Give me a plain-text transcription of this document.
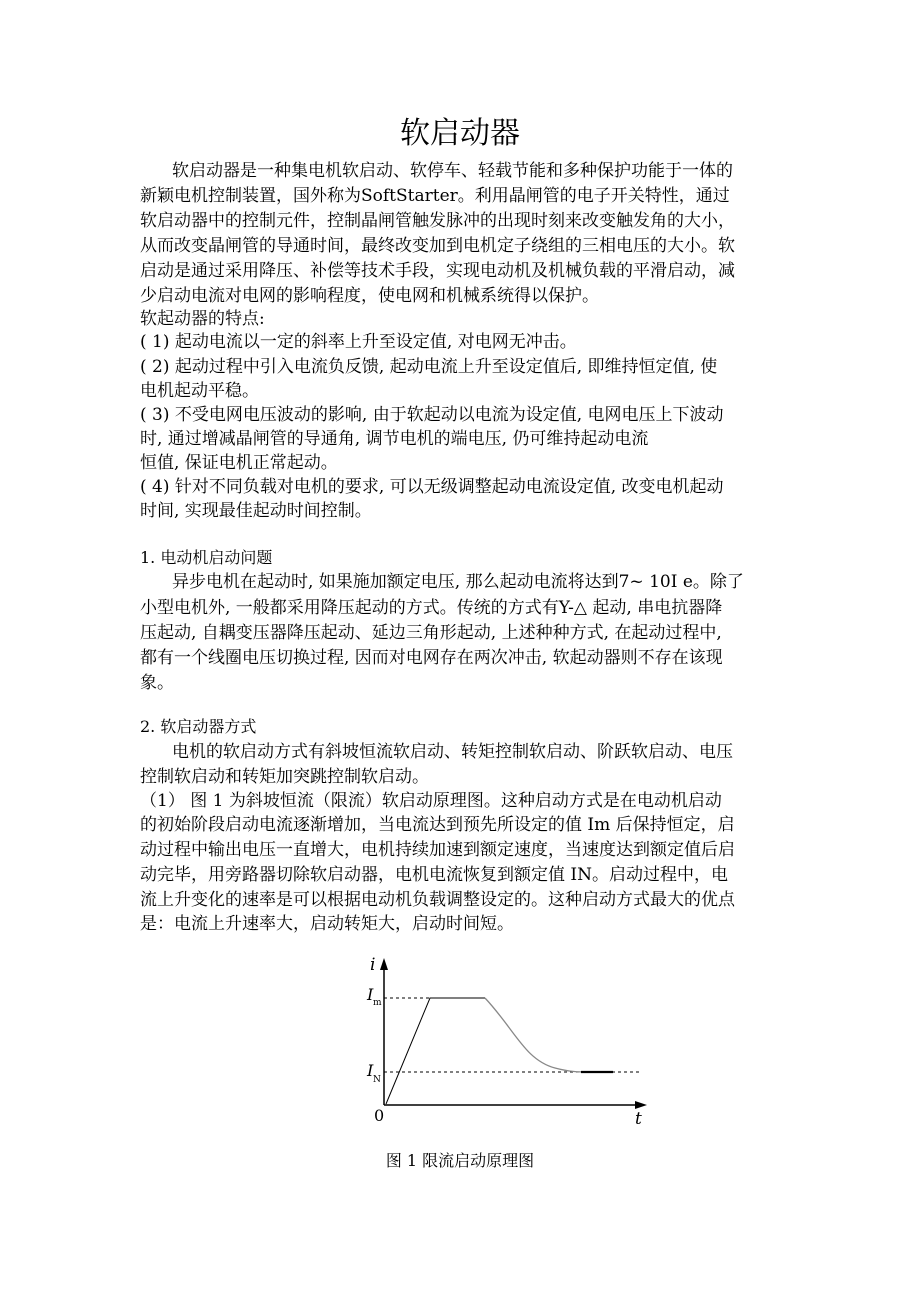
软启动器
软启动器是一种集电机软启动、软停车、轻载节能和多种保护功能于一体的
新颖电机控制装置，国外称为SoftStarter。利用晶闸管的电子开关特性，通过
软启动器中的控制元件，控制晶闸管触发脉冲的出现时刻来改变触发角的大小，
从而改变晶闸管的导通时间，最终改变加到电机定子绕组的三相电压的大小。软
启动是通过采用降压、补偿等技术手段，实现电动机及机械负载的平滑启动，减
少启动电流对电网的影响程度，使电网和机械系统得以保护。
软起动器的特点:
( 1) 起动电流以一定的斜率上升至设定值, 对电网无冲击。
( 2) 起动过程中引入电流负反馈, 起动电流上升至设定值后, 即维持恒定值, 使
电机起动平稳。
( 3) 不受电网电压波动的影响, 由于软起动以电流为设定值, 电网电压上下波动
时, 通过增减晶闸管的导通角, 调节电机的端电压, 仍可维持起动电流
恒值, 保证电机正常起动。
( 4) 针对不同负载对电机的要求, 可以无级调整起动电流设定值, 改变电机起动
时间, 实现最佳起动时间控制。
1. 电动机启动问题
异步电机在起动时, 如果施加额定电压, 那么起动电流将达到7~ 10I e。除了
小型电机外, 一般都采用降压起动的方式。传统的方式有Y-△ 起动, 串电抗器降
压起动, 自耦变压器降压起动、延边三角形起动, 上述种种方式, 在起动过程中,
都有一个线圈电压切换过程, 因而对电网存在两次冲击, 软起动器则不存在该现
象。
2. 软启动器方式
电机的软启动方式有斜坡恒流软启动、转矩控制软启动、阶跃软启动、电压
控制软启动和转矩加突跳控制软启动。
（1） 图 1 为斜坡恒流（限流）软启动原理图。这种启动方式是在电动机启动
的初始阶段启动电流逐渐增加，当电流达到预先所设定的值 Im 后保持恒定，启
动过程中输出电压一直增大，电机持续加速到额定速度，当速度达到额定值后启
动完毕，用旁路器切除软启动器，电机电流恢复到额定值 IN。启动过程中，电
流上升变化的速率是可以根据电动机负载调整设定的。这种启动方式最大的优点
是：电流上升速率大，启动转矩大，启动时间短。
i
I m
I N
0	t
图 1 限流启动原理图
